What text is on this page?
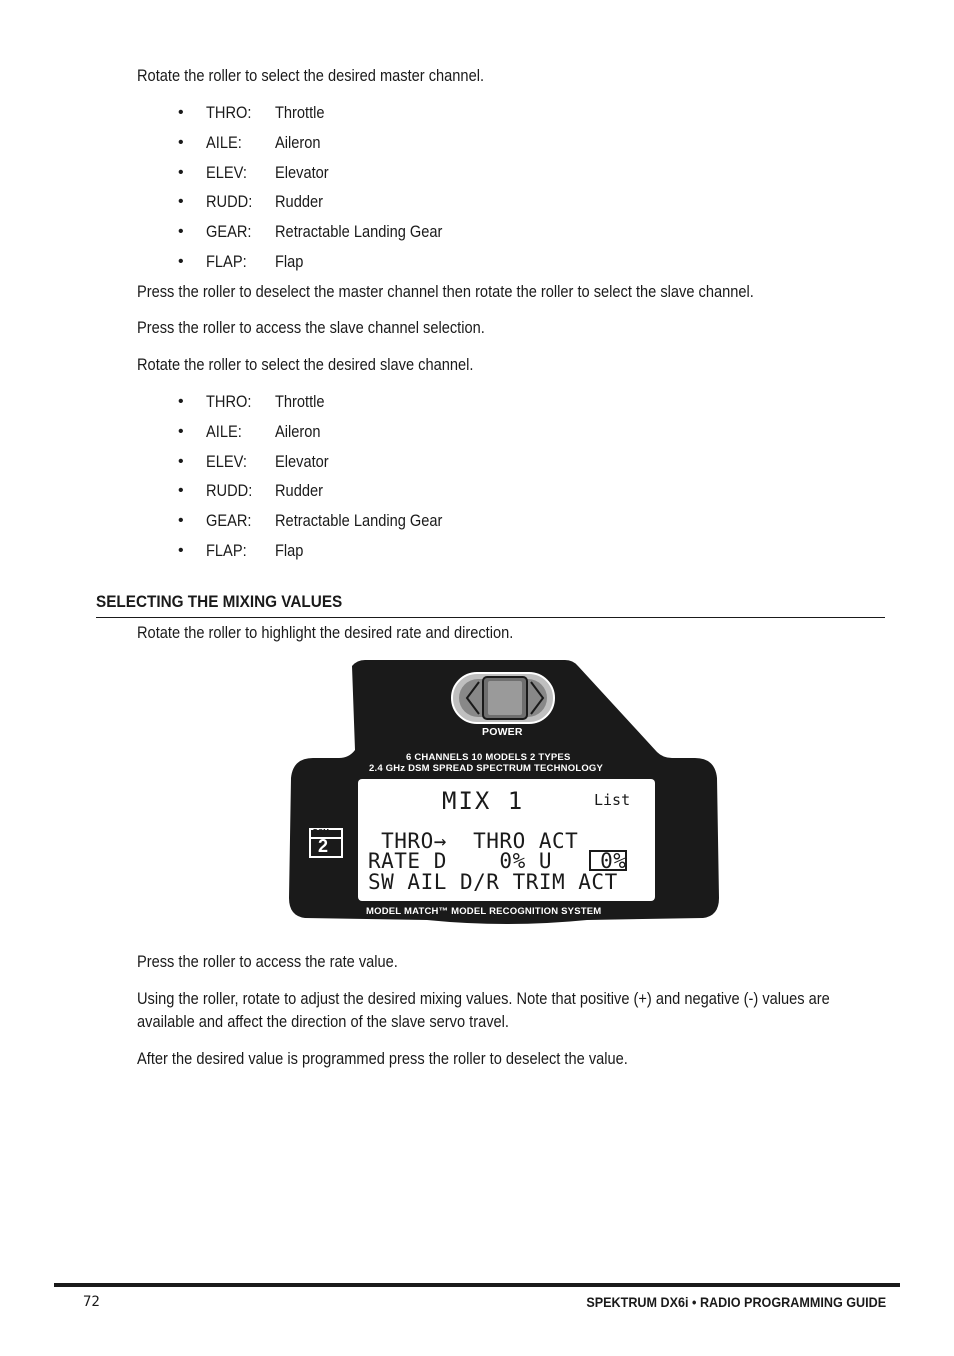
Rotate the roller to select the desired master channel.

• THRO: Throttle
• AILE: Aileron
• ELEV: Elevator
• RUDD: Rudder
• GEAR: Retractable Landing Gear
• FLAP: Flap

Press the roller to deselect the master channel then rotate the roller to select the slave channel.

Press the roller to access the slave channel selection.

Rotate the roller to select the desired slave channel.

• THRO: Throttle
• AILE: Aileron
• ELEV: Elevator
• RUDD: Rudder
• GEAR: Retractable Landing Gear
• FLAP: Flap
SELECTING THE MIXING VALUES

Rotate the roller to highlight the desired rate and direction.

POWER
6 CHANNELS 10 MODELS 2 TYPES
2.4 GHz DSM SPREAD SPECTRUM TECHNOLOGY
DSM
2
MODEL MATCH™ MODEL RECOGNITION SYSTEM
MIX 1	List
THRO→  THRO ACT
RATE D    0% U 0%
SW AIL D/R TRIM ACT

Press the roller to access the rate value.

Using the roller, rotate to adjust the desired mixing values. Note that positive (+) and negative (-) values are available and affect the direction of the slave servo travel.

After the desired value is programmed press the roller to deselect the value.

72	SPEKTRUM DX6i • RADIO PROGRAMMING GUIDE
